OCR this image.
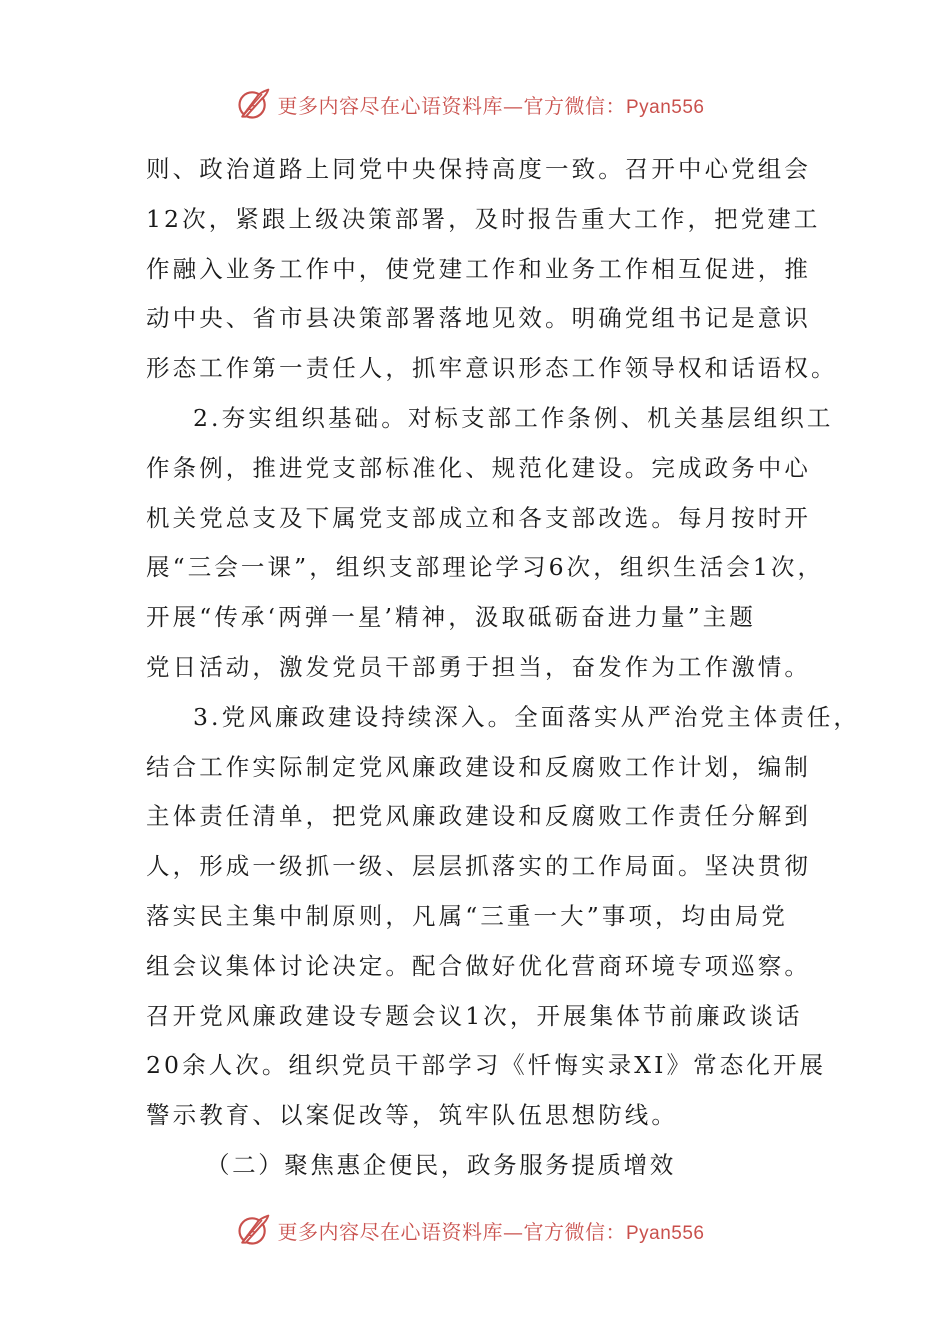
更多内容尽在心语资料库—官方微信：Pyan556
则、政治道路上同党中央保持高度一致。召开中心党组会
12次，紧跟上级决策部署，及时报告重大工作，把党建工
作融入业务工作中，使党建工作和业务工作相互促进，推
动中央、省市县决策部署落地见效。明确党组书记是意识
形态工作第一责任人，抓牢意识形态工作领导权和话语权。
2.夯实组织基础。对标支部工作条例、机关基层组织工
作条例，推进党支部标准化、规范化建设。完成政务中心
机关党总支及下属党支部成立和各支部改选。每月按时开
展“三会一课”，组织支部理论学习6次，组织生活会1次，
开展“传承‘两弹一星’精神，汲取砥砺奋进力量”主题
党日活动，激发党员干部勇于担当，奋发作为工作激情。
3.党风廉政建设持续深入。全面落实从严治党主体责任，
结合工作实际制定党风廉政建设和反腐败工作计划，编制
主体责任清单，把党风廉政建设和反腐败工作责任分解到
人，形成一级抓一级、层层抓落实的工作局面。坚决贯彻
落实民主集中制原则，凡属“三重一大”事项，均由局党
组会议集体讨论决定。配合做好优化营商环境专项巡察。
召开党风廉政建设专题会议1次，开展集体节前廉政谈话
20余人次。组织党员干部学习《忏悔实录XI》常态化开展
警示教育、以案促改等，筑牢队伍思想防线。
（二）聚焦惠企便民，政务服务提质增效
更多内容尽在心语资料库—官方微信：Pyan556
